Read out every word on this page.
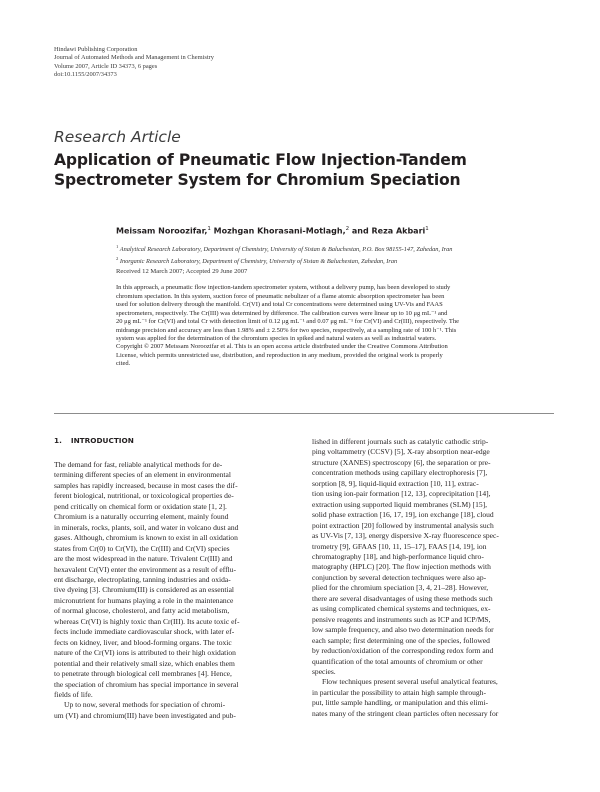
Hindawi Publishing Corporation
Journal of Automated Methods and Management in Chemistry
Volume 2007, Article ID 34373, 6 pages
doi:10.1155/2007/34373
Research Article
Application of Pneumatic Flow Injection-Tandem
Spectrometer System for Chromium Speciation
Meissam Noroozifar,$^1$ Mozhgan Khorasani-Motlagh,$^2$ and Reza Akbari$^1$
$^1$ Analytical Research Laboratory, Department of Chemistry, University of Sistan & Baluchestan, P.O. Box 98155-147, Zahedan, Iran
$^2$ Inorganic Research Laboratory, Department of Chemistry, University of Sistan & Baluchestan, Zahedan, Iran
Received 12 March 2007; Accepted 29 June 2007
In this approach, a pneumatic flow injection-tandem spectrometer system, without a delivery pump, has been developed to study
chromium speciation. In this system, suction force of pneumatic nebulizer of a flame atomic absorption spectrometer has been
used for solution delivery through the manifold. Cr(VI) and total Cr concentrations were determined using UV-Vis and FAAS
spectrometers, respectively. The Cr(III) was determined by difference. The calibration curves were linear up to 10 μg mL⁻¹ and
20 μg mL⁻¹ for Cr(VI) and total Cr with detection limit of 0.12 μg mL⁻¹ and 0.07 μg mL⁻¹ for Cr(VI) and Cr(III), respectively. The
midrange precision and accuracy are less than 1.98% and ± 2.50% for two species, respectively, at a sampling rate of 100 h⁻¹. This
system was applied for the determination of the chromium species in spiked and natural waters as well as industrial waters.
Copyright © 2007 Meissam Noroozifar et al. This is an open access article distributed under the Creative Commons Attribution
License, which permits unrestricted use, distribution, and reproduction in any medium, provided the original work is properly
cited.
1. INTRODUCTION
The demand for fast, reliable analytical methods for de-
termining different species of an element in environmental
samples has rapidly increased, because in most cases the dif-
ferent biological, nutritional, or toxicological properties de-
pend critically on chemical form or oxidation state [1, 2].
Chromium is a naturally occurring element, mainly found
in minerals, rocks, plants, soil, and water in volcano dust and
gases. Although, chromium is known to exist in all oxidation
states from Cr(0) to Cr(VI), the Cr(III) and Cr(VI) species
are the most widespread in the nature. Trivalent Cr(III) and
hexavalent Cr(VI) enter the environment as a result of efflu-
ent discharge, electroplating, tanning industries and oxida-
tive dyeing [3]. Chromium(III) is considered as an essential
micronutrient for humans playing a role in the maintenance
of normal glucose, cholesterol, and fatty acid metabolism,
whereas Cr(VI) is highly toxic than Cr(III). Its acute toxic ef-
fects include immediate cardiovascular shock, with later ef-
fects on kidney, liver, and blood-forming organs. The toxic
nature of the Cr(VI) ions is attributed to their high oxidation
potential and their relatively small size, which enables them
to penetrate through biological cell membranes [4]. Hence,
the speciation of chromium has special importance in several
fields of life.
Up to now, several methods for speciation of chromi-
um (VI) and chromium(III) have been investigated and pub-
lished in different journals such as catalytic cathodic strip-
ping voltammetry (CCSV) [5], X-ray absorption near-edge
structure (XANES) spectroscopy [6], the separation or pre-
concentration methods using capillary electrophoresis [7],
sorption [8, 9], liquid-liquid extraction [10, 11], extrac-
tion using ion-pair formation [12, 13], coprecipitation [14],
extraction using supported liquid membranes (SLM) [15],
solid phase extraction [16, 17, 19], ion exchange [18], cloud
point extraction [20] followed by instrumental analysis such
as UV-Vis [7, 13], energy dispersive X-ray fluorescence spec-
trometry [9], GFAAS [10, 11, 15–17], FAAS [14, 19], ion
chromatography [18], and high-performance liquid chro-
matography (HPLC) [20]. The flow injection methods with
conjunction by several detection techniques were also ap-
plied for the chromium speciation [3, 4, 21–28]. However,
there are several disadvantages of using these methods such
as using complicated chemical systems and techniques, ex-
pensive reagents and instruments such as ICP and ICP/MS,
low sample frequency, and also two determination needs for
each sample; first determining one of the species, followed
by reduction/oxidation of the corresponding redox form and
quantification of the total amounts of chromium or other
species.
Flow techniques present several useful analytical features,
in particular the possibility to attain high sample through-
put, little sample handling, or manipulation and this elimi-
nates many of the stringent clean particles often necessary for
